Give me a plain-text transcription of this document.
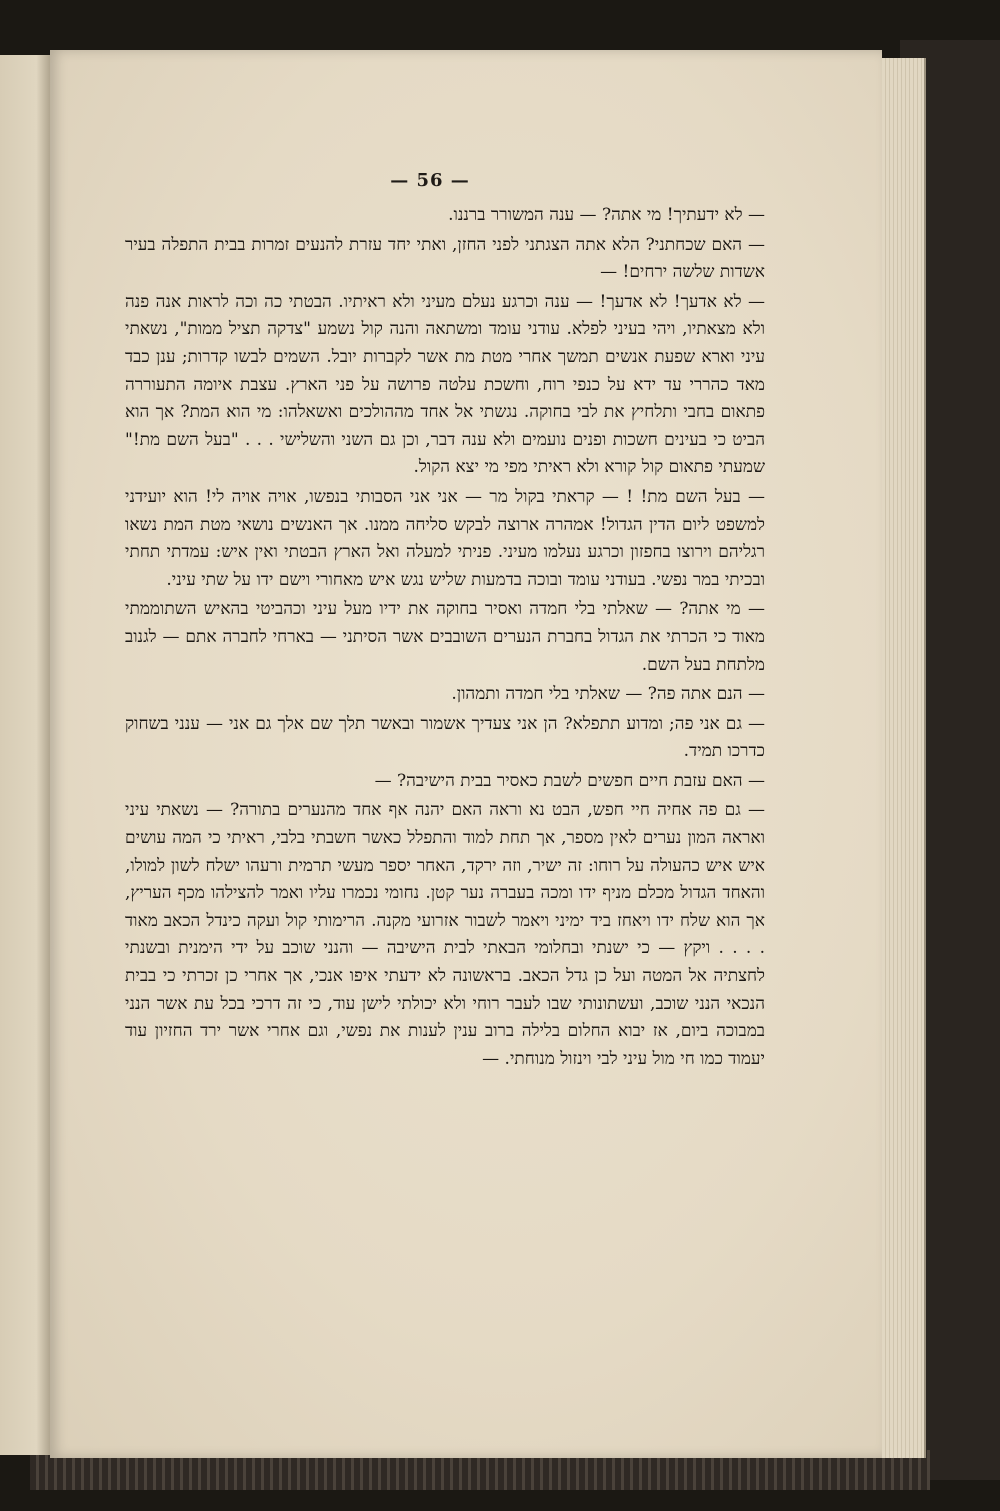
— 56 —

— לא ידעתיך! מי אתה? — ענה המשורר ברננו.

— האם שכחתני? הלא אתה הצגתני לפני החזן, ואתי יחד עזרת להנעים זמרות בבית התפלה בעיר אשדות שלשה ירחים! —

— לא אדעך! לא אדעך! — ענה וכרגע נעלם מעיני ולא ראיתיו. הבטתי כה וכה לראות אנה פנה ולא מצאתיו, ויהי בעיני לפלא. עודני עומד ומשתאה והנה קול נשמע "צדקה תציל ממות", נשאתי עיני וארא שפעת אנשים תמשך אחרי מטת מת אשר לקברות יובל. השמים לבשו קדרות; ענן כבד מאד כהררי עד ידא על כנפי רוח, וחשכת עלטה פרושה על פני הארץ. עצבת איומה התעוררה פתאום בחבי ותלחיץ את לבי בחוקה. נגשתי אל אחד מההולכים ואשאלהו: מי הוא המת? אך הוא הביט כי בעינים חשכות ופנים נועמים ולא ענה דבר, וכן גם השני והשלישי . . . "בעל השם מת!" שמעתי פתאום קול קורא ולא ראיתי מפי מי יצא הקול.

— בעל השם מת! ! — קראתי בקול מר — אני אני הסבותי בנפשו, אויה אויה לי! הוא יועידני למשפט ליום הדין הגדול! אמהרה ארוצה לבקש סליחה ממנו. אך האנשים נושאי מטת המת נשאו רגליהם וירוצו בחפזון וכרגע נעלמו מעיני. פניתי למעלה ואל הארץ הבטתי ואין איש: עמדתי תחתי ובכיתי במר נפשי. בעודני עומד ובוכה בדמעות שליש נגש איש מאחורי וישם ידו על שתי עיני.

— מי אתה? — שאלתי בלי חמדה ואסיר בחוקה את ידיו מעל עיני וכהביטי בהאיש השתוממתי מאוד כי הכרתי את הגדול בחברת הנערים השובבים אשר הסיתני — בארחי לחברה אתם — לגנוב מלתחת בעל השם.

— הנם אתה פה? — שאלתי בלי חמדה ותמהון.

— גם אני פה; ומדוע תתפלא? הן אני צעדיך אשמור ובאשר תלך שם אלך גם אני — ענני בשחוק כדרכו תמיד.

— האם עזבת חיים חפשים לשבת כאסיר בבית הישיבה? —

— גם פה אחיה חיי חפש, הבט נא וראה האם יהנה אף אחד מהנערים בתורה? — נשאתי עיני ואראה המון נערים לאין מספר, אך תחת למוד והתפלל כאשר חשבתי בלבי, ראיתי כי המה עושים איש איש כהעולה על רוחו: זה ישיר, וזה ירקד, האחר יספר מעשי תרמית ורעהו ישלח לשון למולו, והאחד הגדול מכלם מניף ידו ומכה בעברה נער קטן. נחומי נכמרו עליו ואמר להצילהו מכף העריץ, אך הוא שלח ידו ויאחז ביד ימיני ויאמר לשבור אזרועי מקנה. הרימותי קול ועקה כינדל הכאב מאוד . . . . ויקץ — כי ישנתי ובחלומי הבאתי לבית הישיבה — והנני שוכב על ידי הימנית ובשנתי לחצתיה אל המטה ועל כן גדל הכאב. בראשונה לא ידעתי איפו אנכי, אך אחרי כן זכרתי כי בבית הנכאי הנני שוכב, ועשתונותי שבו לעבר רוחי ולא יכולתי לישן עוד, כי זה דרכי בכל עת אשר הנני במבוכה ביום, אז יבוא החלום בלילה ברוב ענין לענות את נפשי, וגם אחרי אשר ירד החזיון עוד יעמוד כמו חי מול עיני לבי וינזול מנוחתי. —
